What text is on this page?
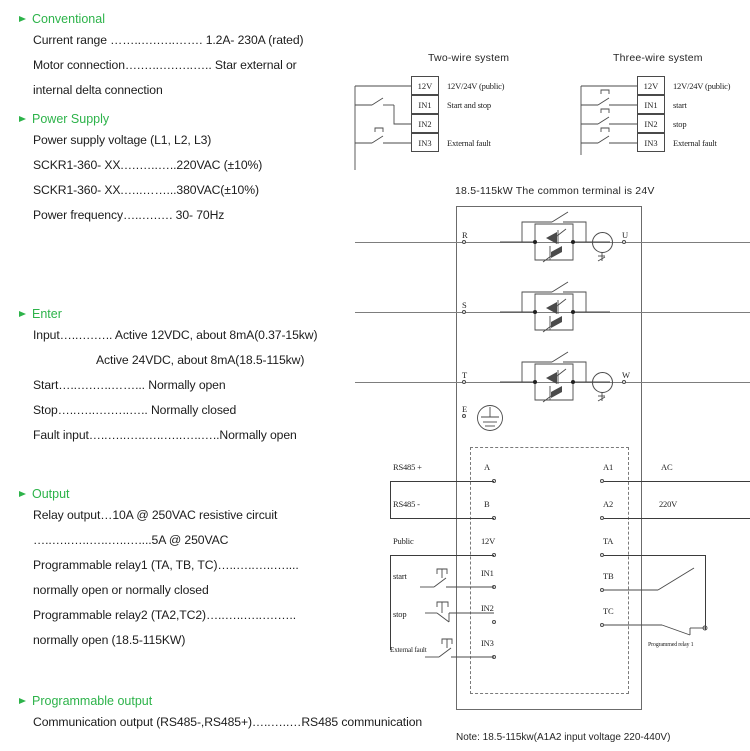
Conventional
Current range ……..….…..……. 1.2A- 230A (rated)
Motor connection….…..….…..….. Star external or
internal delta connection
Power Supply
Power supply voltage (L1, L2, L3)
SCKR1-360- XX.….…..…..220VAC (±10%)
SCKR1-360- XX.…..……...380VAC(±10%)
Power frequency…..….…. 30- 70Hz
Enter
Input…..….….. Active 12VDC, about 8mA(0.37-15kw)
Active 24VDC, about 8mA(18.5-115kw)
Start…..….…..……... Normally open
Stop…..…..….…..….. Normally closed
Fault input…..…..…..…..…..…..…..Normally open
Output
Relay output…10A @ 250VAC resistive circuit
…..…..…..…..…..…....5A @ 250VAC
Programmable relay1 (TA, TB, TC)…..…..…..…....
normally open or normally closed
Programmable relay2 (TA2,TC2)…..…..…..….…..
normally open (18.5-115KW)
Programmable output
Communication output (RS485-,RS485+)…..…..…RS485 communication
Two-wire system
12V
IN1
IN2
IN3
12V/24V (public)
Start and stop
External fault
Three-wire system
12V
IN1
IN2
IN3
12V/24V (public)
start
stop
External fault
18.5-115kW The common terminal is 24V
R	U
S
T	W
E
RS485 +	A
RS485 -	B
Public	12V
start	IN1
stop
IN2
External fault
IN3
A1	AC
A2	220V
TA
TB
TC
Programmed relay 1
Note: 18.5-115kw(A1A2 input voltage 220-440V)
